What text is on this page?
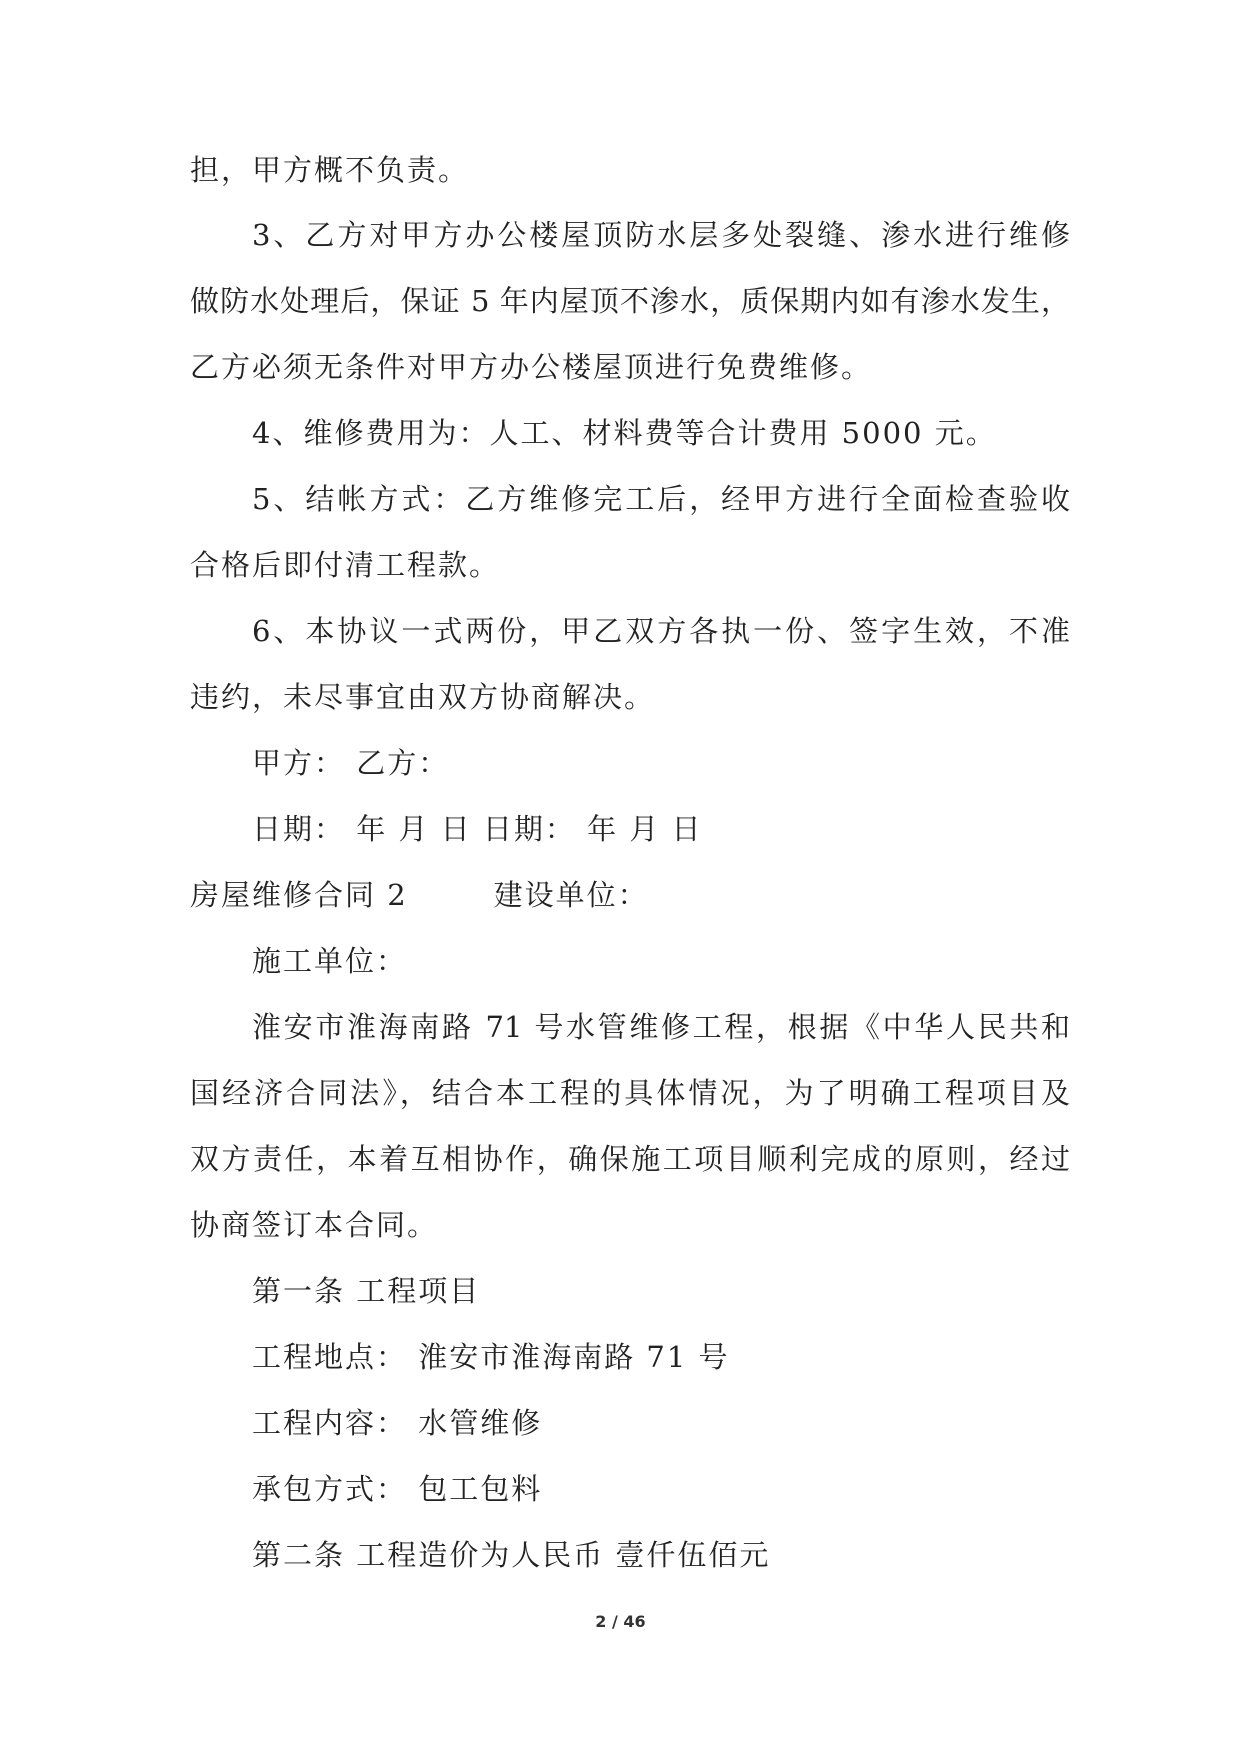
担，甲方概不负责。
3、乙方对甲方办公楼屋顶防水层多处裂缝、渗水进行维修
做防水处理后，保证 5 年内屋顶不渗水，质保期内如有渗水发生，
乙方必须无条件对甲方办公楼屋顶进行免费维修。
4、维修费用为：人工、材料费等合计费用 5000 元。
5、结帐方式：乙方维修完工后，经甲方进行全面检查验收
合格后即付清工程款。
6、本协议一式两份，甲乙双方各执一份、签字生效，不准
违约，未尽事宜由双方协商解决。
甲方： 乙方：
日期： 年 月 日 日期： 年 月 日
房屋维修合同 2	建设单位：
施工单位：
淮安市淮海南路 71 号水管维修工程，根据《中华人民共和
国经济合同法》，结合本工程的具体情况，为了明确工程项目及
双方责任，本着互相协作，确保施工项目顺利完成的原则，经过
协商签订本合同。
第一条 工程项目
工程地点： 淮安市淮海南路 71 号
工程内容： 水管维修
承包方式： 包工包料
第二条 工程造价为人民币 壹仟伍佰元
2 / 46
